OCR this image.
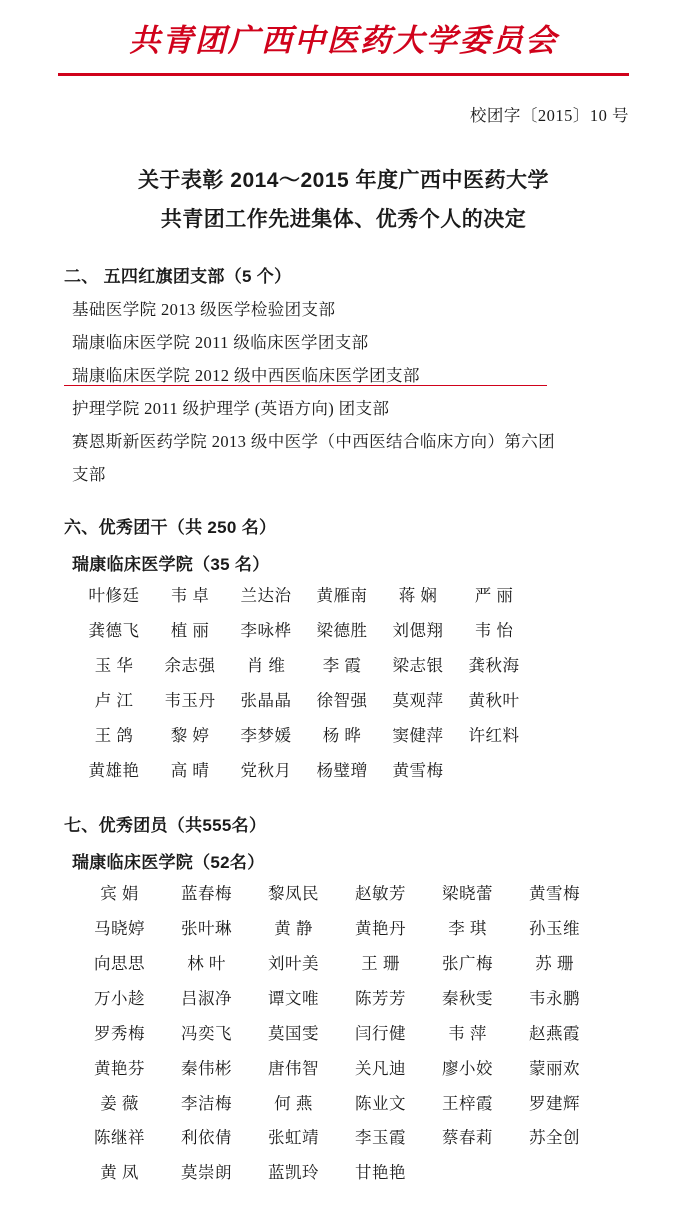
共青团广西中医药大学委员会
校团字〔2015〕10 号
关于表彰 2014～2015 年度广西中医药大学
共青团工作先进集体、优秀个人的决定
二、 五四红旗团支部（5 个）
基础医学院 2013 级医学检验团支部
瑞康临床医学院 2011 级临床医学团支部
瑞康临床医学院 2012 级中西医临床医学团支部
护理学院 2011 级护理学 (英语方向) 团支部
赛恩斯新医药学院 2013 级中医学（中西医结合临床方向）第六团
支部
六、优秀团干（共 250 名）
瑞康临床医学院（35 名）
叶修廷	韦 卓	兰达治	黄雁南	蒋 娴	严 丽
龚德飞	植 丽	李咏桦	梁德胜	刘偲翔	韦 怡
玉 华	余志强	肖 维	李 霞	梁志银	龚秋海
卢 江	韦玉丹	张晶晶	徐智强	莫观萍	黄秋叶
王 鸽	黎 婷	李梦媛	杨 晔	窦健萍	许红料
黄雄艳	高 晴	党秋月	杨璧璔	黄雪梅
七、优秀团员（共555名）
瑞康临床医学院（52名）
宾 娟	蓝春梅	黎凤民	赵敏芳	梁晓蕾	黄雪梅
马晓婷	张叶琳	黄 静	黄艳丹	李 琪	孙玉维
向思思	林 叶	刘叶美	王 珊	张广梅	苏 珊
万小趁	吕淑净	谭文唯	陈芳芳	秦秋雯	韦永鹏
罗秀梅	冯奕飞	莫国雯	闫行健	韦 萍	赵燕霞
黄艳芬	秦伟彬	唐伟智	关凡迪	廖小姣	蒙丽欢
姜 薇	李洁梅	何 燕	陈业文	王梓霞	罗建辉
陈继祥	利依倩	张虹靖	李玉霞	蔡春莉	苏全创
黄 凤	莫崇朗	蓝凯玲	甘艳艳
